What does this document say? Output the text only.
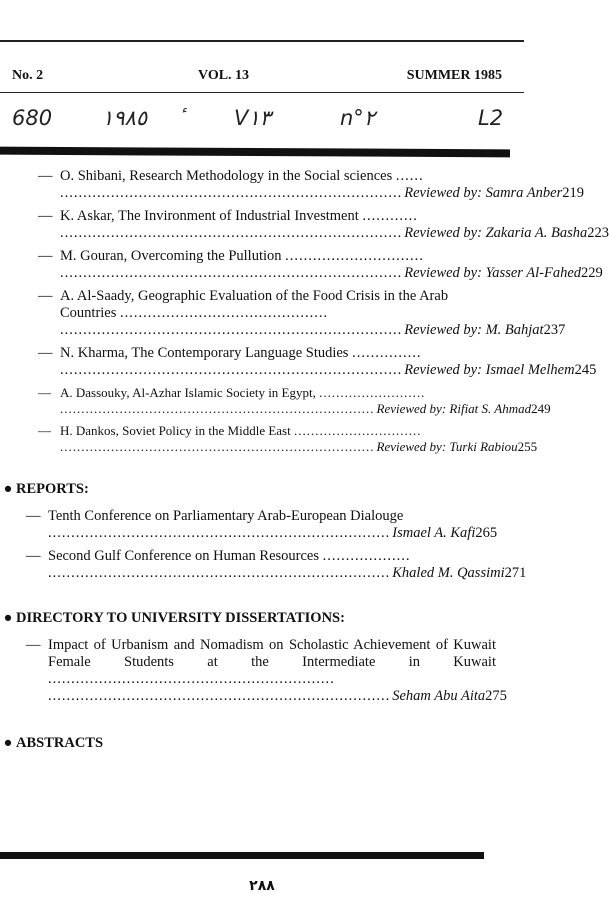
No. 2	VOL. 13	SUMMER 1985
680 ١٩٨٥	V١٣	n°٢	L2
— O. Shibani, Research Methodology in the Social sciences ......
.......................................................................... Reviewed by: Samra Anber 219
— K. Askar, The Invironment of Industrial Investment ............
.......................................................................... Reviewed by: Zakaria A. Basha 223
— M. Gouran, Overcoming the Pullution ..............................
.......................................................................... Reviewed by: Yasser Al-Fahed 229
— A. Al-Saady, Geographic Evaluation of the Food Crisis in the Arab Countries .............................................
.......................................................................... Reviewed by: M. Bahjat 237
— N. Kharma, The Contemporary Language Studies ...............
.......................................................................... Reviewed by: Ismael Melhem 245
— A. Dassouky, Al-Azhar Islamic Society in Egypt, .........................
.......................................................................... Reviewed by: Rifiat S. Ahmad 249
— H. Dankos, Soviet Policy in the Middle East ..............................
.......................................................................... Reviewed by: Turki Rabiou 255
● REPORTS:
— Tenth Conference on Parliamentary Arab-European Dialouge
.......................................................................... Ismael A. Kafi 265
— Second Gulf Conference on Human Resources ...................
.......................................................................... Khaled M. Qassimi 271
● DIRECTORY TO UNIVERSITY DISSERTATIONS:
— Impact of Urbanism and Nomadism on Scholastic Achievement of Kuwait Female Students at the Intermediate in Kuwait ..............................................................
.......................................................................... Seham Abu Aita 275
● ABSTRACTS
٢٨٨
